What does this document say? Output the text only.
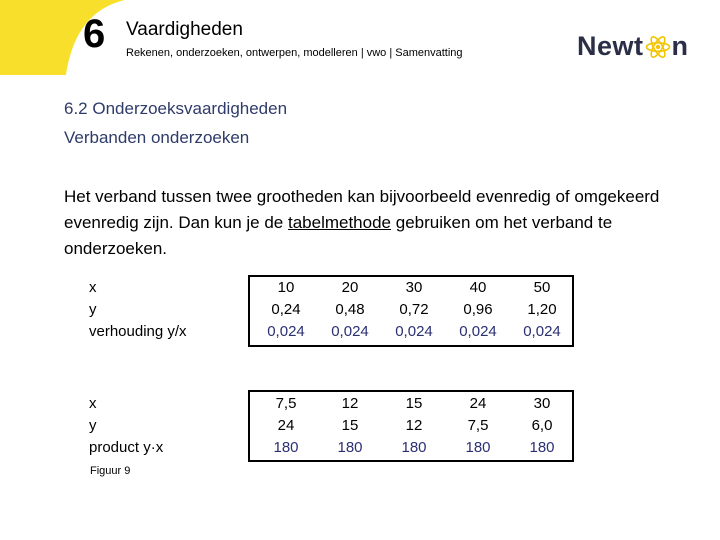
6 Vaardigheden
Rekenen, onderzoeken, ontwerpen, modelleren | vwo | Samenvatting	Newt n
6.2 Onderzoeksvaardigheden
Verbanden onderzoeken
Het verband tussen twee grootheden kan bijvoorbeeld evenredig of omgekeerd evenredig zijn. Dan kun je de tabelmethode gebruiken om het verband te onderzoeken.
x	10	20	30	40	50
y	0,24	0,48	0,72	0,96	1,20
verhouding y/x	0,024	0,024	0,024	0,024	0,024
x	7,5	12	15	24	30
y	24	15	12	7,5	6,0
product y·x	180	180	180	180	180
Figuur 9
